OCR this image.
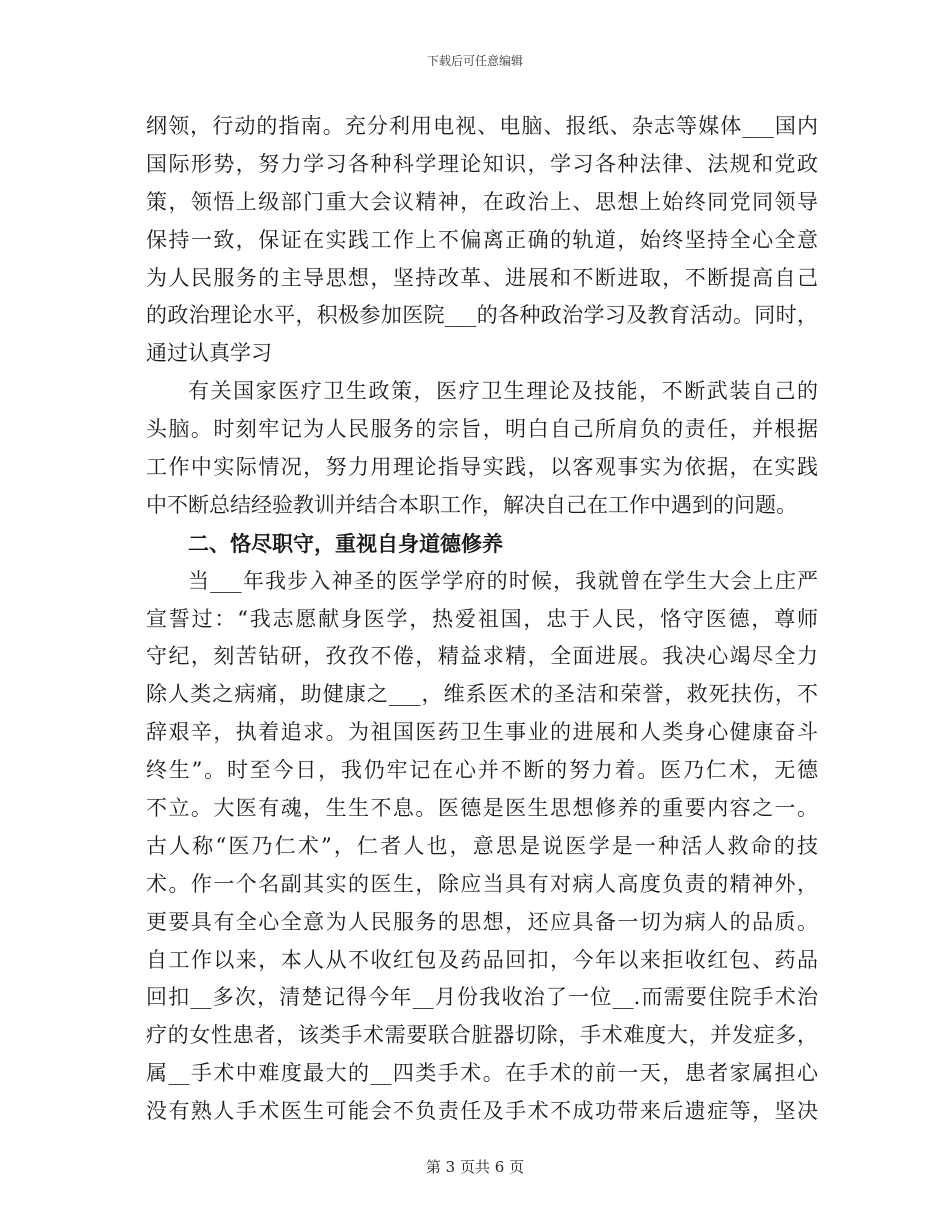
下载后可任意编辑
纲领，行动的指南。充分利用电视、电脑、报纸、杂志等媒体___国内
国际形势，努力学习各种科学理论知识，学习各种法律、法规和党政
策，领悟上级部门重大会议精神，在政治上、思想上始终同党同领导
保持一致，保证在实践工作上不偏离正确的轨道，始终坚持全心全意
为人民服务的主导思想，坚持改革、进展和不断进取，不断提高自己
的政治理论水平，积极参加医院___的各种政治学习及教育活动。同时，
通过认真学习
有关国家医疗卫生政策，医疗卫生理论及技能，不断武装自己的
头脑。时刻牢记为人民服务的宗旨，明白自己所肩负的责任，并根据
工作中实际情况，努力用理论指导实践，以客观事实为依据，在实践
中不断总结经验教训并结合本职工作，解决自己在工作中遇到的问题。
二、恪尽职守，重视自身道德修养
当___年我步入神圣的医学学府的时候，我就曾在学生大会上庄严
宣誓过：“我志愿献身医学，热爱祖国，忠于人民，恪守医德，尊师
守纪，刻苦钻研，孜孜不倦，精益求精，全面进展。我决心竭尽全力
除人类之病痛，助健康之___，维系医术的圣洁和荣誉，救死扶伤，不
辞艰辛，执着追求。为祖国医药卫生事业的进展和人类身心健康奋斗
终生”。时至今日，我仍牢记在心并不断的努力着。医乃仁术，无德
不立。大医有魂，生生不息。医德是医生思想修养的重要内容之一。
古人称“医乃仁术”，仁者人也，意思是说医学是一种活人救命的技
术。作一个名副其实的医生，除应当具有对病人高度负责的精神外，
更要具有全心全意为人民服务的思想，还应具备一切为病人的品质。
自工作以来，本人从不收红包及药品回扣，今年以来拒收红包、药品
回扣__多次，清楚记得今年__月份我收治了一位__.而需要住院手术治
疗的女性患者，该类手术需要联合脏器切除，手术难度大，并发症多，
属__手术中难度最大的__四类手术。在手术的前一天，患者家属担心
没有熟人手术医生可能会不负责任及手术不成功带来后遗症等，坚决
第 3 页共 6 页
